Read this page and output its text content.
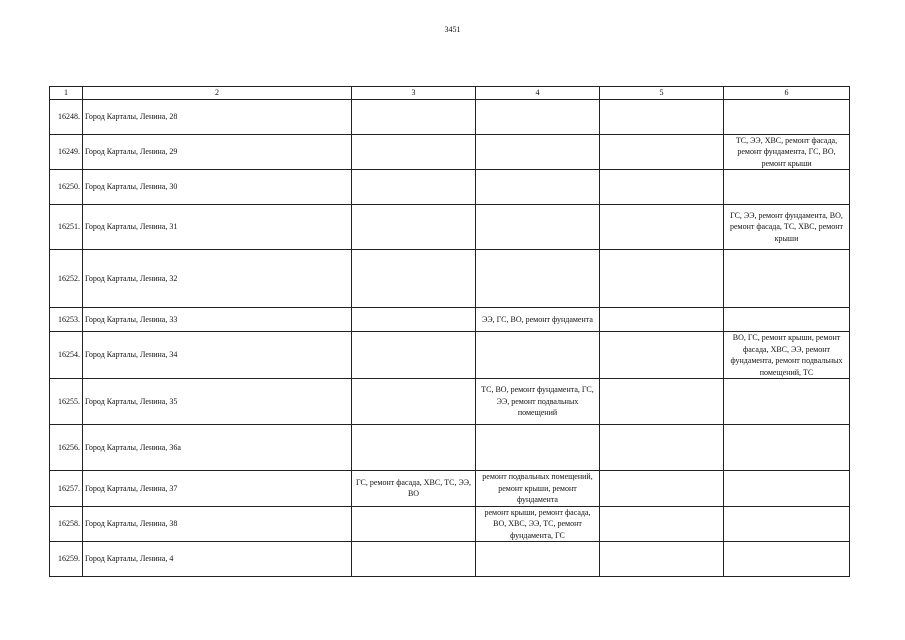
3451
1	2	3	4	5	6
16248.	Город Карталы, Ленина, 28				
16249.	Город Карталы, Ленина, 29				ТС, ЭЭ, ХВС, ремонт фасада, ремонт фундамента, ГС, ВО, ремонт крыши
16250.	Город Карталы, Ленина, 30				
16251.	Город Карталы, Ленина, 31				ГС, ЭЭ, ремонт фундамента, ВО, ремонт фасада, ТС, ХВС, ремонт крыши
16252.	Город Карталы, Ленина, 32				
16253.	Город Карталы, Ленина, 33		ЭЭ, ГС, ВО, ремонт фундамента		
16254.	Город Карталы, Ленина, 34				ВО, ГС, ремонт крыши, ремонт фасада, ХВС, ЭЭ, ремонт фундамента, ремонт подвальных помещений, ТС
16255.	Город Карталы, Ленина, 35		ТС, ВО, ремонт фундамента, ГС, ЭЭ, ремонт подвальных помещений		
16256.	Город Карталы, Ленина, 36а				
16257.	Город Карталы, Ленина, 37	ГС, ремонт фасада, ХВС, ТС, ЭЭ, ВО	ремонт подвальных помещений, ремонт крыши, ремонт фундамента		
16258.	Город Карталы, Ленина, 38		ремонт крыши, ремонт фасада, ВО, ХВС, ЭЭ, ТС, ремонт фундамента, ГС		
16259.	Город Карталы, Ленина, 4				
